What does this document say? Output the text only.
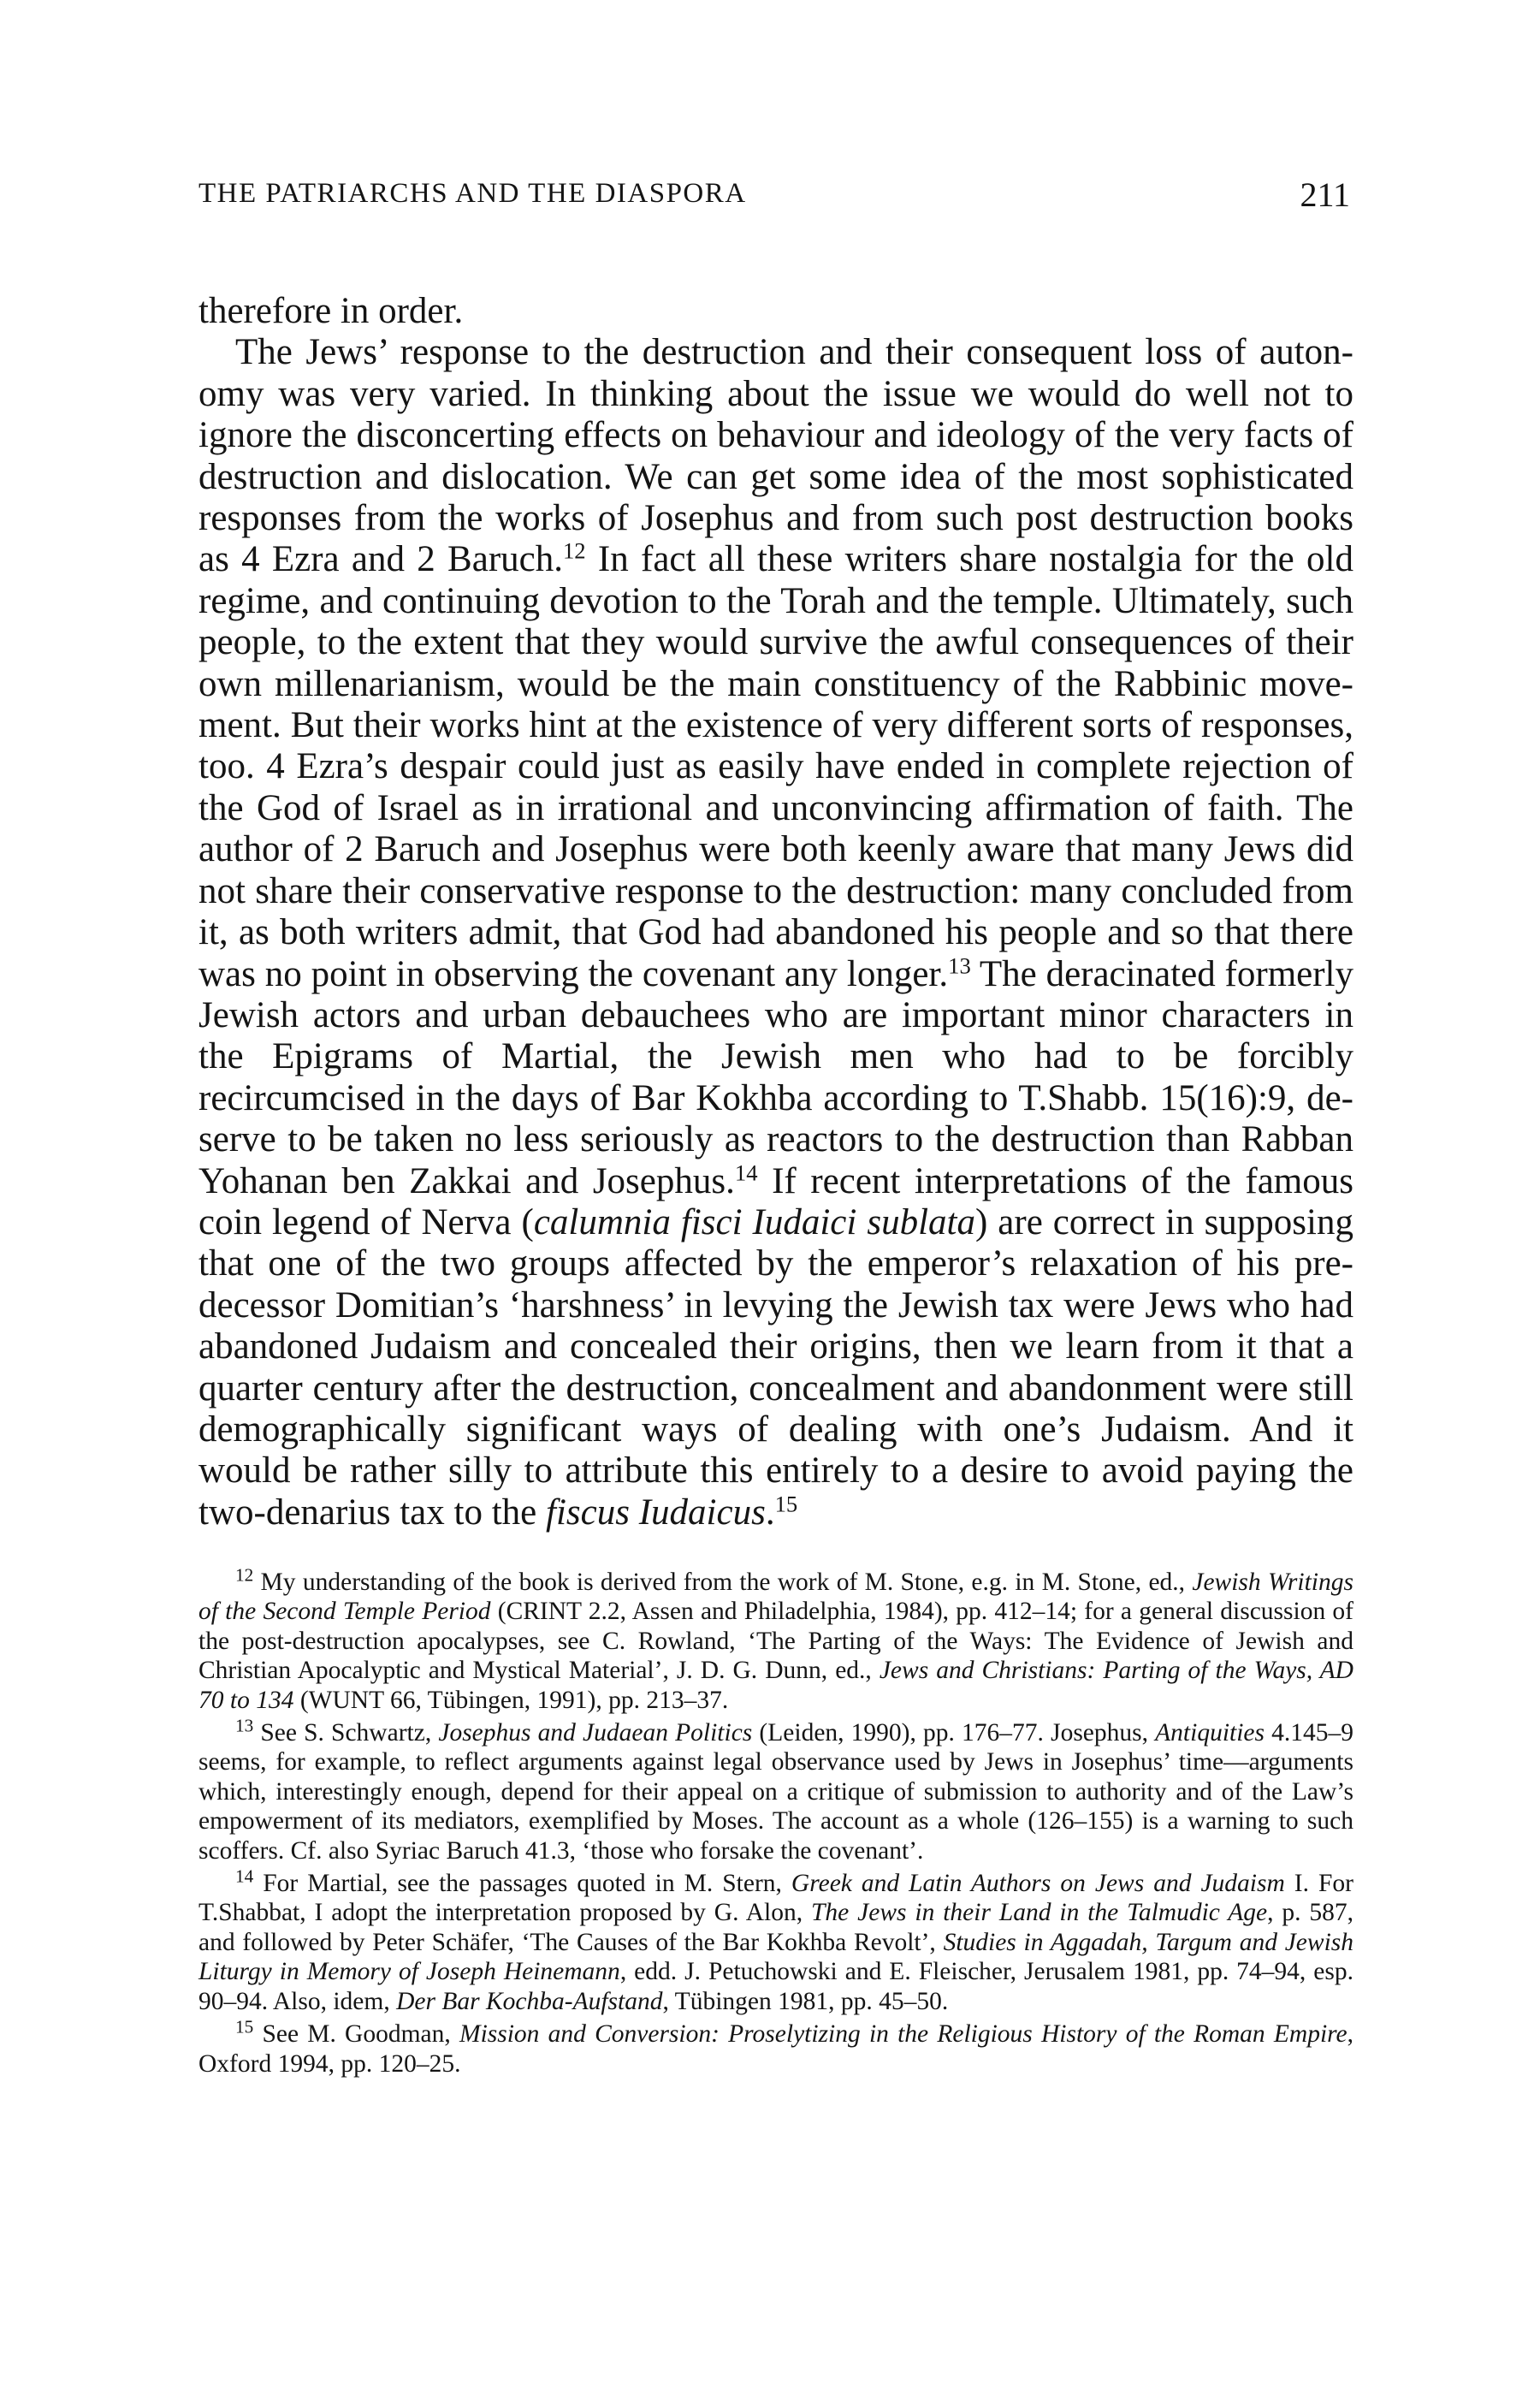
THE PATRIARCHS AND THE DIASPORA	211

therefore in order.

The Jews’ response to the destruction and their consequent loss of autonomy was very varied. In thinking about the issue we would do well not to ignore the disconcerting effects on behaviour and ideology of the very facts of destruction and dislocation. We can get some idea of the most sophisticated responses from the works of Josephus and from such post destruction books as 4 Ezra and 2 Baruch.$^{12}$ In fact all these writers share nostalgia for the old regime, and continuing devotion to the Torah and the temple. Ultimately, such people, to the extent that they would survive the awful consequences of their own millenarianism, would be the main constituency of the Rabbinic movement. But their works hint at the existence of very different sorts of responses, too. 4 Ezra’s despair could just as easily have ended in complete rejection of the God of Israel as in irrational and unconvincing affirmation of faith. The author of 2 Baruch and Josephus were both keenly aware that many Jews did not share their conservative response to the destruction: many concluded from it, as both writers admit, that God had abandoned his people and so that there was no point in observing the covenant any longer.$^{13}$ The deracinated formerly Jewish actors and urban debauchees who are important minor characters in the Epigrams of Martial, the Jewish men who had to be forcibly recircumcised in the days of Bar Kokhba according to T.Shabb. 15(16):9, deserve to be taken no less seriously as reactors to the destruction than Rabban Yohanan ben Zakkai and Josephus.$^{14}$ If recent interpretations of the famous coin legend of Nerva (calumnia fisci Iudaici sublata) are correct in supposing that one of the two groups affected by the emperor’s relaxation of his predecessor Domitian’s ‘harshness’ in levying the Jewish tax were Jews who had abandoned Judaism and concealed their origins, then we learn from it that a quarter century after the destruction, concealment and abandonment were still demographically significant ways of dealing with one’s Judaism. And it would be rather silly to attribute this entirely to a desire to avoid paying the two-denarius tax to the fiscus Iudaicus.$^{15}$

$^{12}$ My understanding of the book is derived from the work of M. Stone, e.g. in M. Stone, ed., Jewish Writings of the Second Temple Period (CRINT 2.2, Assen and Philadelphia, 1984), pp. 412–14; for a general discussion of the post-destruction apocalypses, see C. Rowland, ‘The Parting of the Ways: The Evidence of Jewish and Christian Apocalyptic and Mystical Material’, J. D. G. Dunn, ed., Jews and Christians: Parting of the Ways, AD 70 to 134 (WUNT 66, Tübingen, 1991), pp. 213–37.

$^{13}$ See S. Schwartz, Josephus and Judaean Politics (Leiden, 1990), pp. 176–77. Josephus, Antiquities 4.145–9 seems, for example, to reflect arguments against legal observance used by Jews in Josephus’ time—arguments which, interestingly enough, depend for their appeal on a critique of submission to authority and of the Law’s empowerment of its mediators, exemplified by Moses. The account as a whole (126–155) is a warning to such scoffers. Cf. also Syriac Baruch 41.3, ‘those who forsake the covenant’.

$^{14}$ For Martial, see the passages quoted in M. Stern, Greek and Latin Authors on Jews and Judaism I. For T.Shabbat, I adopt the interpretation proposed by G. Alon, The Jews in their Land in the Talmudic Age, p. 587, and followed by Peter Schäfer, ‘The Causes of the Bar Kokhba Revolt’, Studies in Aggadah, Targum and Jewish Liturgy in Memory of Joseph Heinemann, edd. J. Petuchowski and E. Fleischer, Jerusalem 1981, pp. 74–94, esp. 90–94. Also, idem, Der Bar Kochba-Aufstand, Tübingen 1981, pp. 45–50.

$^{15}$ See M. Goodman, Mission and Conversion: Proselytizing in the Religious History of the Roman Empire, Oxford 1994, pp. 120–25.
